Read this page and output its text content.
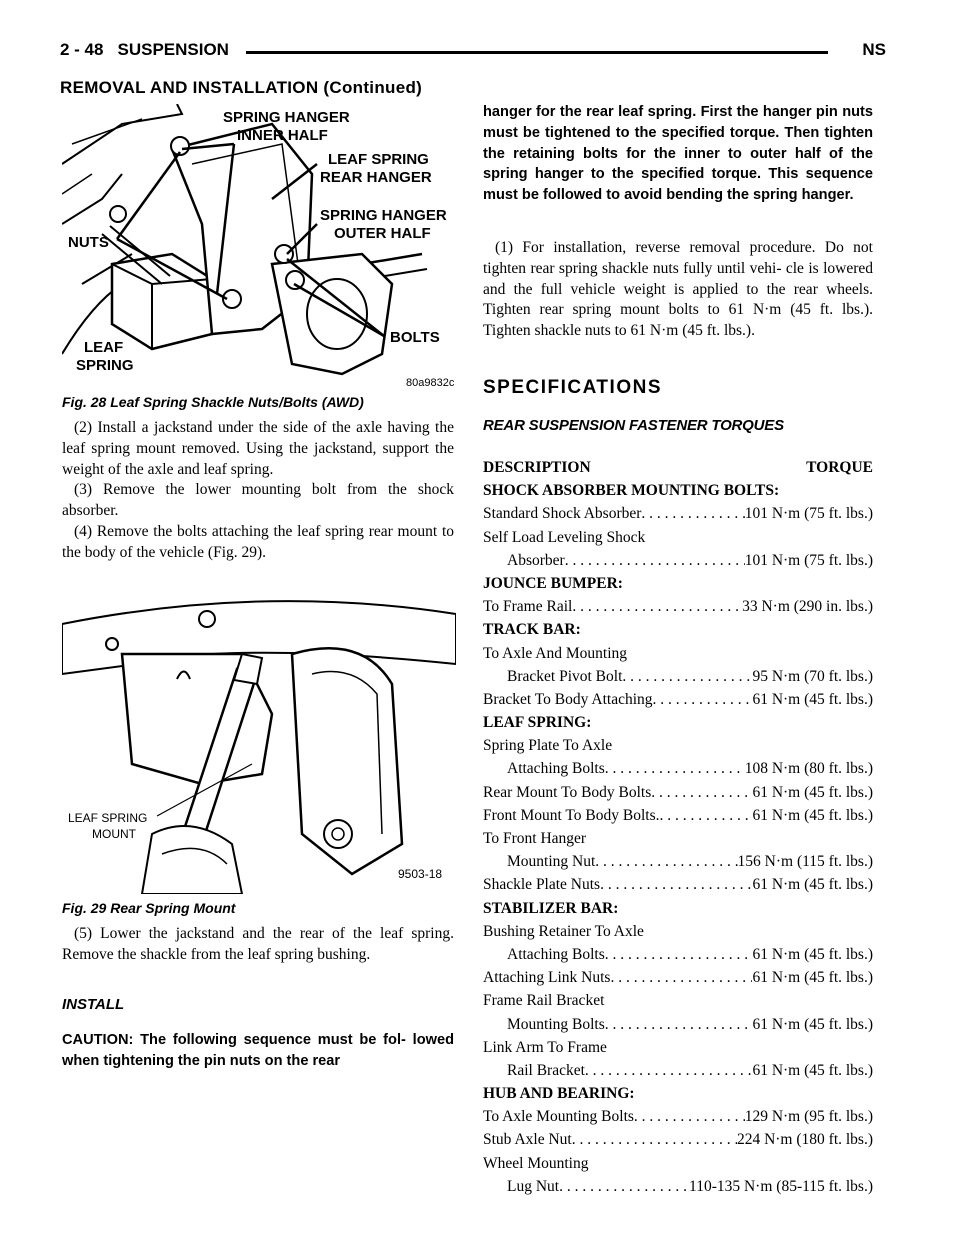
2 - 48 SUSPENSION	NS
REMOVAL AND INSTALLATION (Continued)
SPRING HANGER
INNER HALF
LEAF SPRING
REAR HANGER
SPRING HANGER
OUTER HALF
NUTS
BOLTS
LEAF
SPRING
80a9832c
Fig. 28 Leaf Spring Shackle Nuts/Bolts (AWD)

(2) Install a jackstand under the side of the axle having the leaf spring mount removed. Using the jackstand, support the weight of the axle and leaf spring.

(3) Remove the lower mounting bolt from the shock absorber.

(4) Remove the bolts attaching the leaf spring rear mount to the body of the vehicle (Fig. 29).

LEAF SPRING
MOUNT
9503-18
Fig. 29 Rear Spring Mount

(5) Lower the jackstand and the rear of the leaf spring. Remove the shackle from the leaf spring bushing.

INSTALL
CAUTION: The following sequence must be fol- lowed when tightening the pin nuts on the rear
hanger for the rear leaf spring. First the hanger pin nuts must be tightened to the specified torque. Then tighten the retaining bolts for the inner to outer half of the spring hanger to the specified torque. This sequence must be followed to avoid bending the spring hanger.

(1) For installation, reverse removal procedure. Do not tighten rear spring shackle nuts fully until vehi- cle is lowered and the full vehicle weight is applied to the rear wheels. Tighten rear spring mount bolts to 61 N·m (45 ft. lbs.). Tighten shackle nuts to 61 N·m (45 ft. lbs.).

SPECIFICATIONS
REAR SUSPENSION FASTENER TORQUES
DESCRIPTION	TORQUE
SHOCK ABSORBER MOUNTING BOLTS:
Standard Shock Absorber . . .	101 N·m (75 ft. lbs.)
Self Load Leveling Shock
Absorber . . .	101 N·m (75 ft. lbs.)
JOUNCE BUMPER:
To Frame Rail . . .	33 N·m (290 in. lbs.)
TRACK BAR:
To Axle And Mounting
Bracket Pivot Bolt . . .	95 N·m (70 ft. lbs.)
Bracket To Body Attaching . . .	61 N·m (45 ft. lbs.)
LEAF SPRING:
Spring Plate To Axle
Attaching Bolts . . .	108 N·m (80 ft. lbs.)
Rear Mount To Body Bolts . . .	61 N·m (45 ft. lbs.)
Front Mount To Body Bolts. . . .	61 N·m (45 ft. lbs.)
To Front Hanger
Mounting Nut . . .	156 N·m (115 ft. lbs.)
Shackle Plate Nuts . . .	61 N·m (45 ft. lbs.)
STABILIZER BAR:
Bushing Retainer To Axle
Attaching Bolts . . .	61 N·m (45 ft. lbs.)
Attaching Link Nuts . . .	61 N·m (45 ft. lbs.)
Frame Rail Bracket
Mounting Bolts . . .	61 N·m (45 ft. lbs.)
Link Arm To Frame
Rail Bracket . . .	61 N·m (45 ft. lbs.)
HUB AND BEARING:
To Axle Mounting Bolts . . .	129 N·m (95 ft. lbs.)
Stub Axle Nut . . .	224 N·m (180 ft. lbs.)
Wheel Mounting
Lug Nut . . .	110-135 N·m (85-115 ft. lbs.)
